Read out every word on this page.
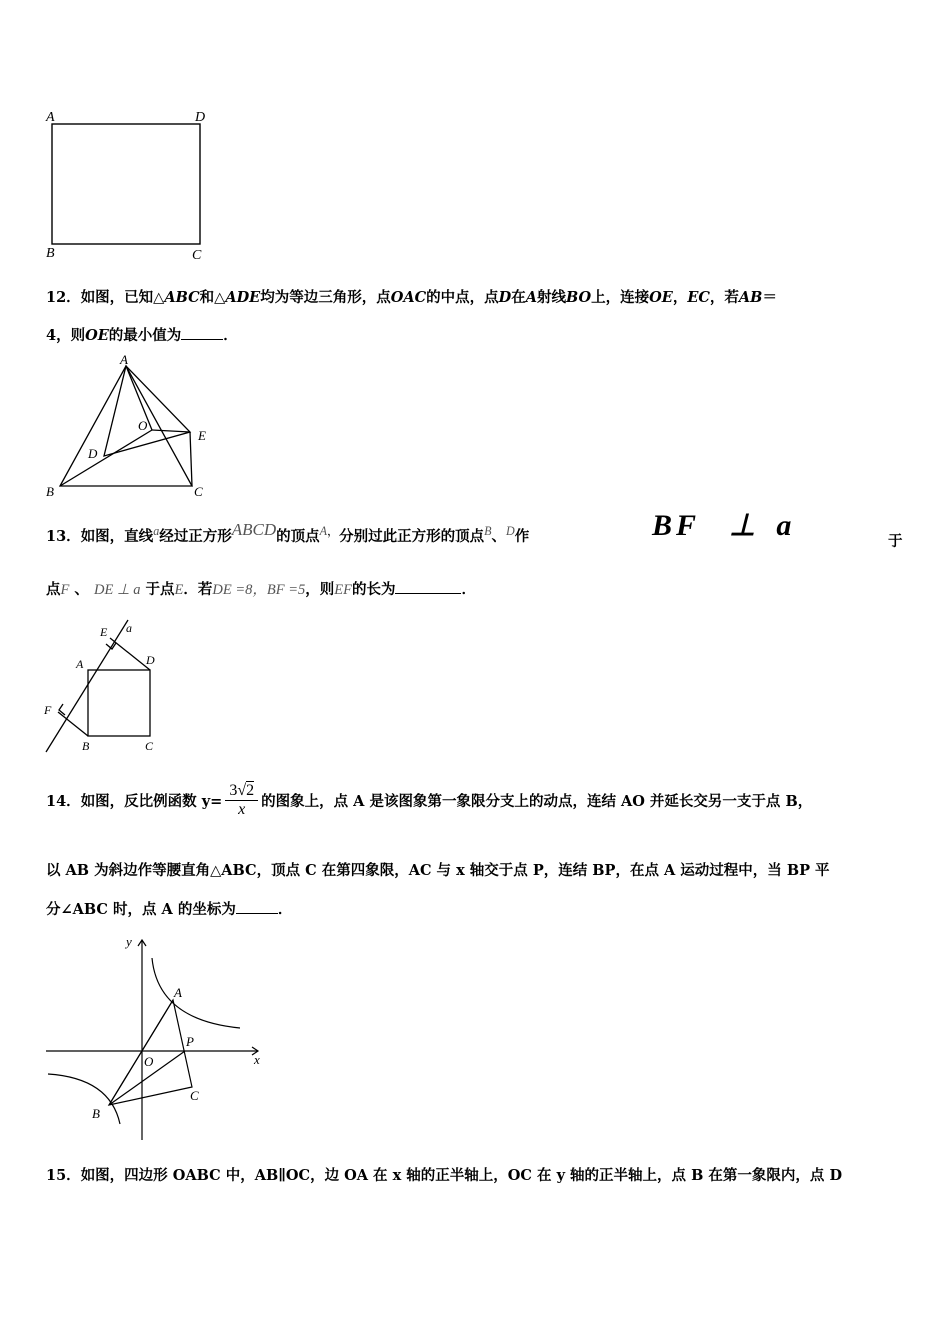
A	D
B	C
12．如图，已知△ABC和△ADE均为等边三角形，点OAC的中点，点D在A射线BO上，连接OE，EC，若AB＝
4，则OE的最小值为	．
A
O
E
D
B	C
13．如图，直线$^a$经过正方形$^{ABCD}$的顶点$^{A,}$分别过此正方形的顶点$^B$、$^D$作	BF ⊥ a	于
点F 、 DE ⊥ a 于点E．若DE =8，BF =5，则EF的长为	．
E a
A	D
F
B	C
14． 如图，反比例函数 $y= \frac{3√2}{x}$ 的图象上，点 A 是该图象第一象限分支上的动点，连结 AO 并延长交另一支于点 B，
以 AB 为斜边作等腰直角△ABC，顶点 C 在第四象限，AC 与 x 轴交于点 P，连结 BP，在点 A 运动过程中，当 BP 平
分∠ABC 时，点 A 的坐标为	．
y
x
A
O
P
C
B
15．如图，四边形 OABC 中，AB∥OC，边 OA 在 x 轴的正半轴上，OC 在 y 轴的正半轴上，点 B 在第一象限内，点 D
